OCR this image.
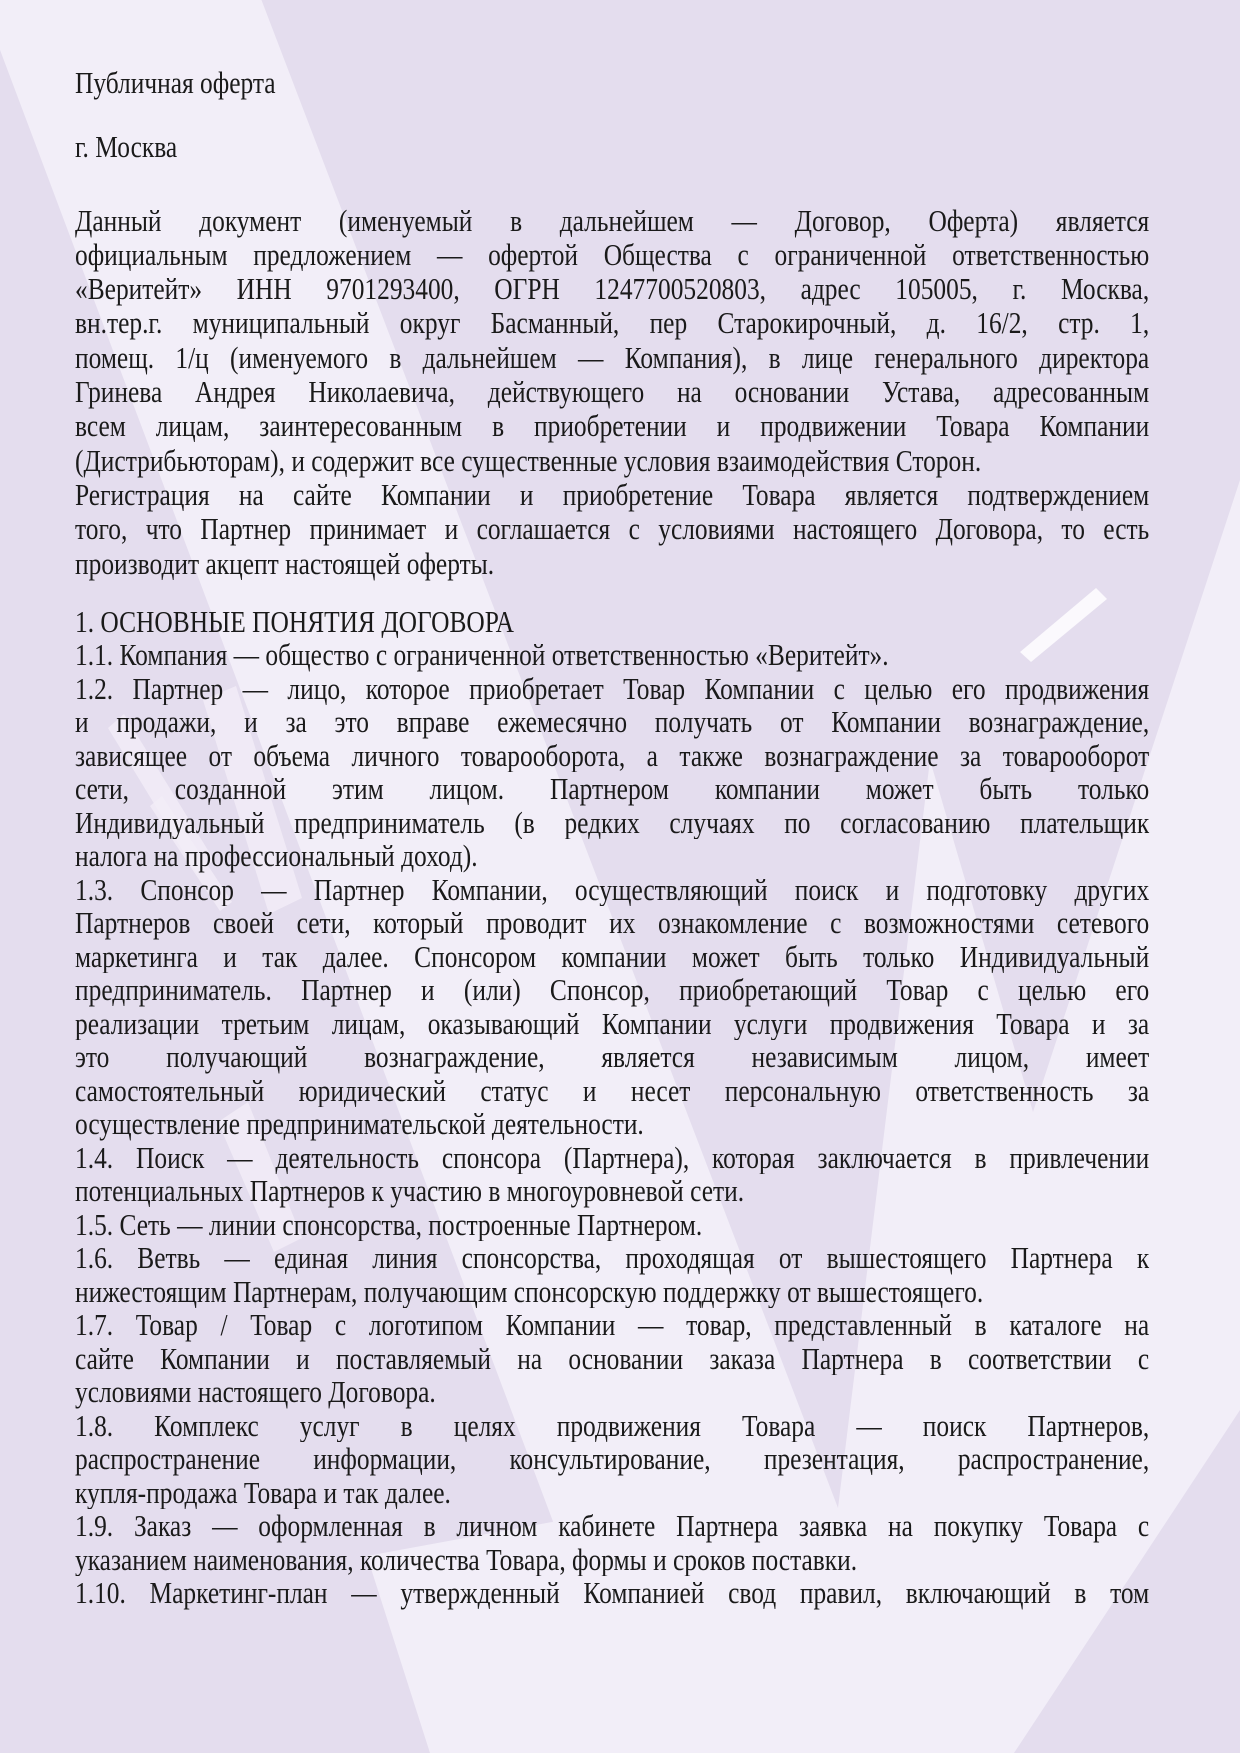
Публичная оферта
г. Москва
Данный документ (именуемый в дальнейшем — Договор, Оферта) является
официальным предложением — офертой Общества с ограниченной ответственностью
«Веритейт» ИНН 9701293400, ОГРН 1247700520803, адрес 105005, г. Москва,
вн.тер.г. муниципальный округ Басманный, пер Старокирочный, д. 16/2, стр. 1,
помещ. 1/ц (именуемого в дальнейшем — Компания), в лице генерального директора
Гринева Андрея Николаевича, действующего на основании Устава, адресованным
всем лицам, заинтересованным в приобретении и продвижении Товара Компании
(Дистрибьюторам), и содержит все существенные условия взаимодействия Сторон.
Регистрация на сайте Компании и приобретение Товара является подтверждением
того, что Партнер принимает и соглашается с условиями настоящего Договора, то есть
производит акцепт настоящей оферты.
1. ОСНОВНЫЕ ПОНЯТИЯ ДОГОВОРА
1.1. Компания — общество с ограниченной ответственностью «Веритейт».
1.2. Партнер — лицо, которое приобретает Товар Компании с целью его продвижения
и продажи, и за это вправе ежемесячно получать от Компании вознаграждение,
зависящее от объема личного товарооборота, а также вознаграждение за товарооборот
сети, созданной этим лицом. Партнером компании может быть только
Индивидуальный предприниматель (в редких случаях по согласованию плательщик
налога на профессиональный доход).
1.3. Спонсор — Партнер Компании, осуществляющий поиск и подготовку других
Партнеров своей сети, который проводит их ознакомление с возможностями сетевого
маркетинга и так далее. Спонсором компании может быть только Индивидуальный
предприниматель. Партнер и (или) Спонсор, приобретающий Товар с целью его
реализации третьим лицам, оказывающий Компании услуги продвижения Товара и за
это получающий вознаграждение, является независимым лицом, имеет
самостоятельный юридический статус и несет персональную ответственность за
осуществление предпринимательской деятельности.
1.4. Поиск — деятельность спонсора (Партнера), которая заключается в привлечении
потенциальных Партнеров к участию в многоуровневой сети.
1.5. Сеть — линии спонсорства, построенные Партнером.
1.6. Ветвь — единая линия спонсорства, проходящая от вышестоящего Партнера к
нижестоящим Партнерам, получающим спонсорскую поддержку от вышестоящего.
1.7. Товар / Товар с логотипом Компании — товар, представленный в каталоге на
сайте Компании и поставляемый на основании заказа Партнера в соответствии с
условиями настоящего Договора.
1.8. Комплекс услуг в целях продвижения Товара — поиск Партнеров,
распространение информации, консультирование, презентация, распространение,
купля-продажа Товара и так далее.
1.9. Заказ — оформленная в личном кабинете Партнера заявка на покупку Товара с
указанием наименования, количества Товара, формы и сроков поставки.
1.10. Маркетинг-план — утвержденный Компанией свод правил, включающий в том
